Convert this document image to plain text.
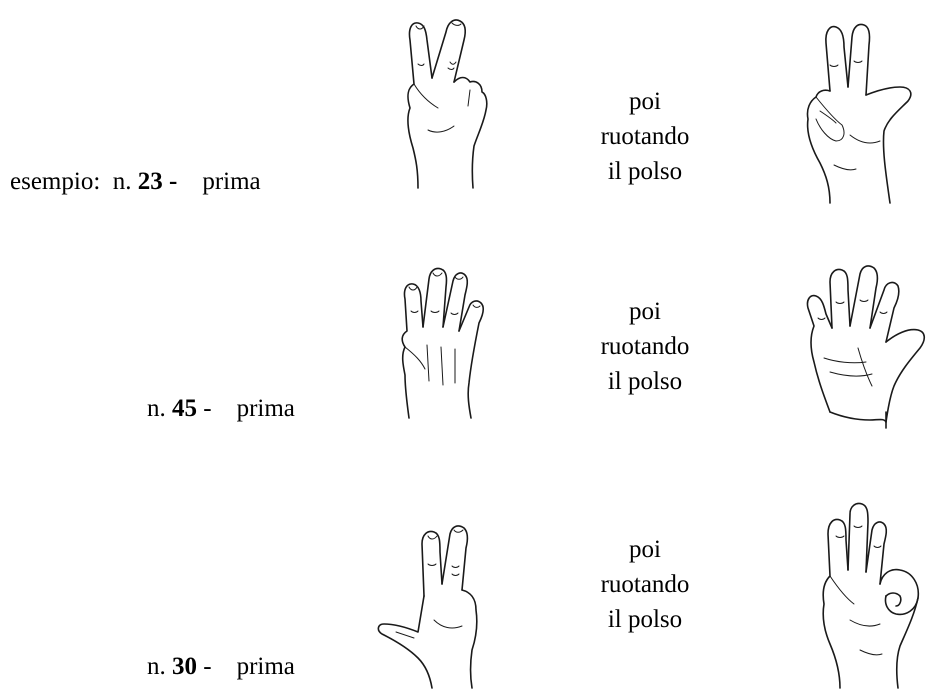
esempio:  n. 23 -    prima
poi
ruotando
il polso
n. 45 -    prima
poi
ruotando
il polso
n. 30 -    prima
poi
ruotando
il polso
